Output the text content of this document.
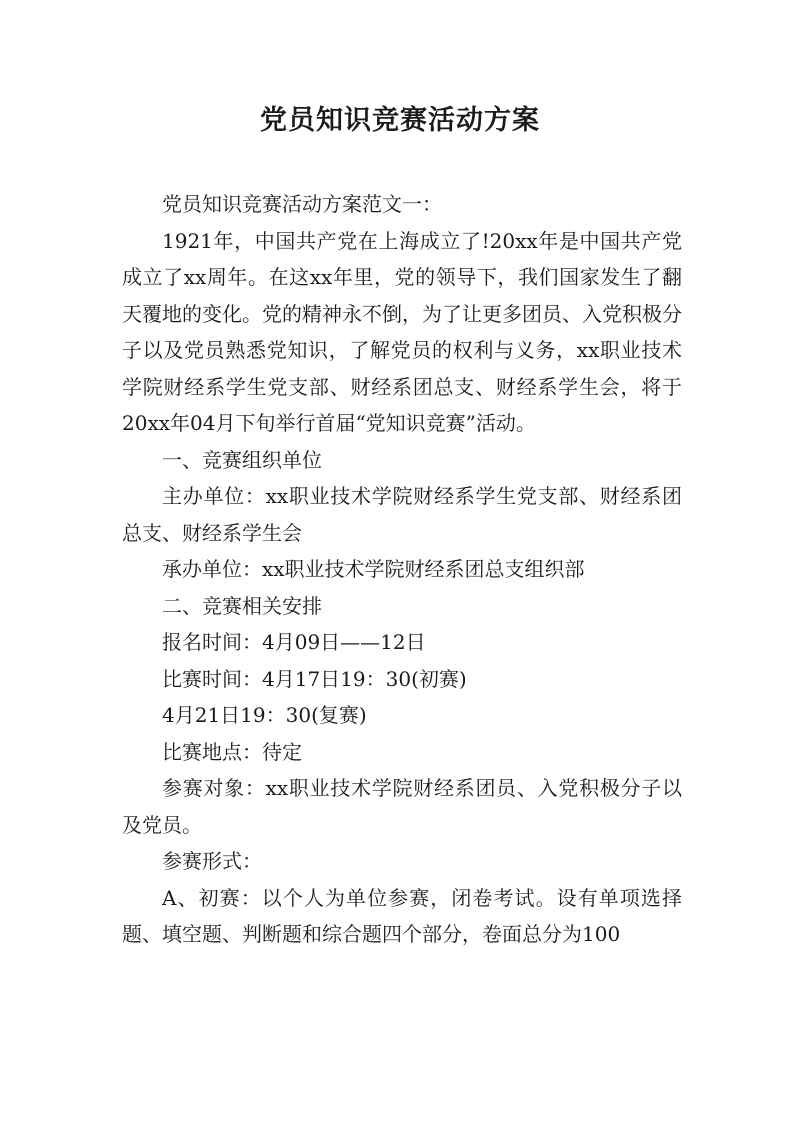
党员知识竞赛活动方案

党员知识竞赛活动方案范文一：

1921年，中国共产党在上海成立了!20xx年是中国共产党成立了xx周年。在这xx年里，党的领导下，我们国家发生了翻天覆地的变化。党的精神永不倒，为了让更多团员、入党积极分子以及党员熟悉党知识，了解党员的权利与义务，xx职业技术学院财经系学生党支部、财经系团总支、财经系学生会，将于20xx年04月下旬举行首届“党知识竞赛”活动。

一、竞赛组织单位

主办单位：xx职业技术学院财经系学生党支部、财经系团总支、财经系学生会

承办单位：xx职业技术学院财经系团总支组织部

二、竞赛相关安排

报名时间：4月09日——12日

比赛时间：4月17日19：30(初赛)

4月21日19：30(复赛)

比赛地点：待定

参赛对象：xx职业技术学院财经系团员、入党积极分子以及党员。

参赛形式：

A、初赛：以个人为单位参赛，闭卷考试。设有单项选择题、填空题、判断题和综合题四个部分，卷面总分为100
